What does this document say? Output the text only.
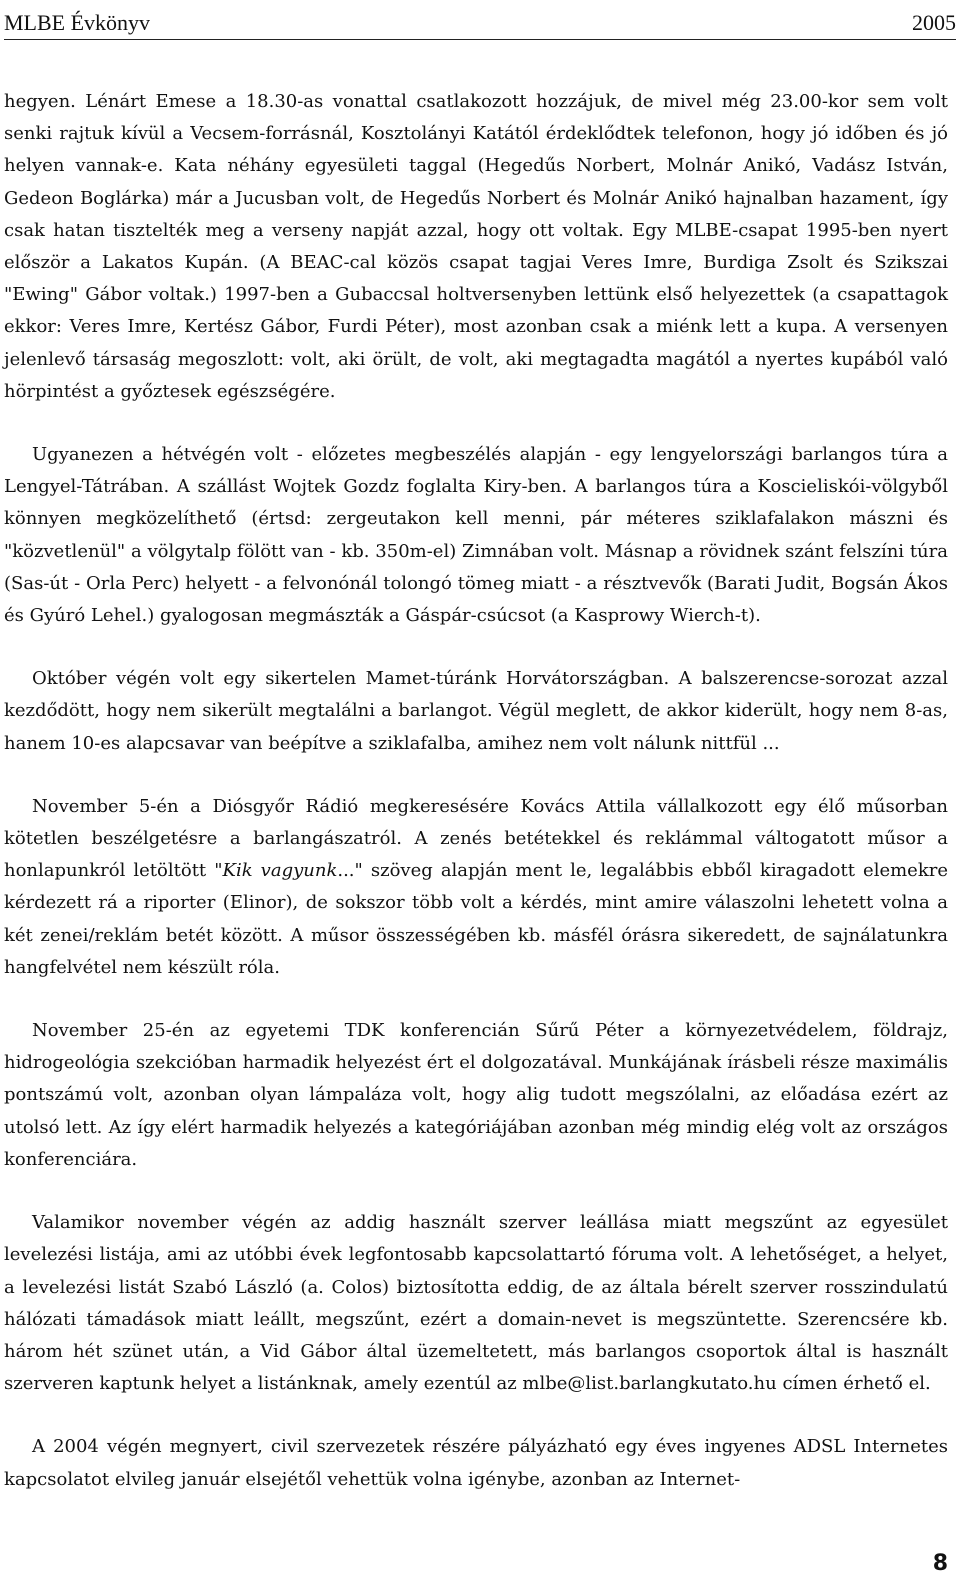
MLBE Évkönyv	2005

hegyen. Lénárt Emese a 18.30-as vonattal csatlakozott hozzájuk, de mivel még 23.00-kor sem volt senki rajtuk kívül a Vecsem-forrásnál, Kosztolányi Katától érdeklődtek telefonon, hogy jó időben és jó helyen vannak-e. Kata néhány egyesületi taggal (Hegedűs Norbert, Molnár Anikó, Vadász István, Gedeon Boglárka) már a Jucusban volt, de Hegedűs Norbert és Molnár Anikó hajnalban hazament, így csak hatan tisztelték meg a verseny napját azzal, hogy ott voltak. Egy MLBE-csapat 1995-ben nyert először a Lakatos Kupán. (A BEAC-cal közös csapat tagjai Veres Imre, Burdiga Zsolt és Szikszai "Ewing" Gábor voltak.) 1997-ben a Gubaccsal holtversenyben lettünk első helyezettek (a csapattagok ekkor: Veres Imre, Kertész Gábor, Furdi Péter), most azonban csak a miénk lett a kupa. A versenyen jelenlevő társaság megoszlott: volt, aki örült, de volt, aki megtagadta magától a nyertes kupából való hörpintést a győztesek egészségére.

Ugyanezen a hétvégén volt - előzetes megbeszélés alapján - egy lengyelországi barlangos túra a Lengyel-Tátrában. A szállást Wojtek Gozdz foglalta Kiry-ben. A barlangos túra a Koscieliskói-völgyből könnyen megközelíthető (értsd: zergeutakon kell menni, pár méteres sziklafalakon mászni és "közvetlenül" a völgytalp fölött van - kb. 350m-el) Zimnában volt. Másnap a rövidnek szánt felszíni túra (Sas-út - Orla Perc) helyett - a felvonónál tolongó tömeg miatt - a résztvevők (Barati Judit, Bogsán Ákos és Gyúró Lehel.) gyalogosan megmászták a Gáspár-csúcsot (a Kasprowy Wierch-t).

Október végén volt egy sikertelen Mamet-túránk Horvátországban. A balszerencse-sorozat azzal kezdődött, hogy nem sikerült megtalálni a barlangot. Végül meglett, de akkor kiderült, hogy nem 8-as, hanem 10-es alapcsavar van beépítve a sziklafalba, amihez nem volt nálunk nittfül ...

November 5-én a Diósgyőr Rádió megkeresésére Kovács Attila vállalkozott egy élő műsorban kötetlen beszélgetésre a barlangászatról. A zenés betétekkel és reklámmal váltogatott műsor a honlapunkról letöltött "Kik vagyunk..." szöveg alapján ment le, legalábbis ebből kiragadott elemekre kérdezett rá a riporter (Elinor), de sokszor több volt a kérdés, mint amire válaszolni lehetett volna a két zenei/reklám betét között. A műsor összességében kb. másfél órásra sikeredett, de sajnálatunkra hangfelvétel nem készült róla.

November 25-én az egyetemi TDK konferencián Sűrű Péter a környezetvédelem, földrajz, hidrogeológia szekcióban harmadik helyezést ért el dolgozatával. Munkájának írásbeli része maximális pontszámú volt, azonban olyan lámpaláza volt, hogy alig tudott megszólalni, az előadása ezért az utolsó lett. Az így elért harmadik helyezés a kategóriájában azonban még mindig elég volt az országos konferenciára.

Valamikor november végén az addig használt szerver leállása miatt megszűnt az egyesület levelezési listája, ami az utóbbi évek legfontosabb kapcsolattartó fóruma volt. A lehetőséget, a helyet, a levelezési listát Szabó László (a. Colos) biztosította eddig, de az általa bérelt szerver rosszindulatú hálózati támadások miatt leállt, megszűnt, ezért a domain-nevet is megszüntette. Szerencsére kb. három hét szünet után, a Vid Gábor által üzemeltetett, más barlangos csoportok által is használt szerveren kaptunk helyet a listánknak, amely ezentúl az mlbe@list.barlangkutato.hu címen érhető el.

A 2004 végén megnyert, civil szervezetek részére pályázható egy éves ingyenes ADSL Internetes kapcsolatot elvileg január elsejétől vehettük volna igénybe, azonban az Internet-

8
